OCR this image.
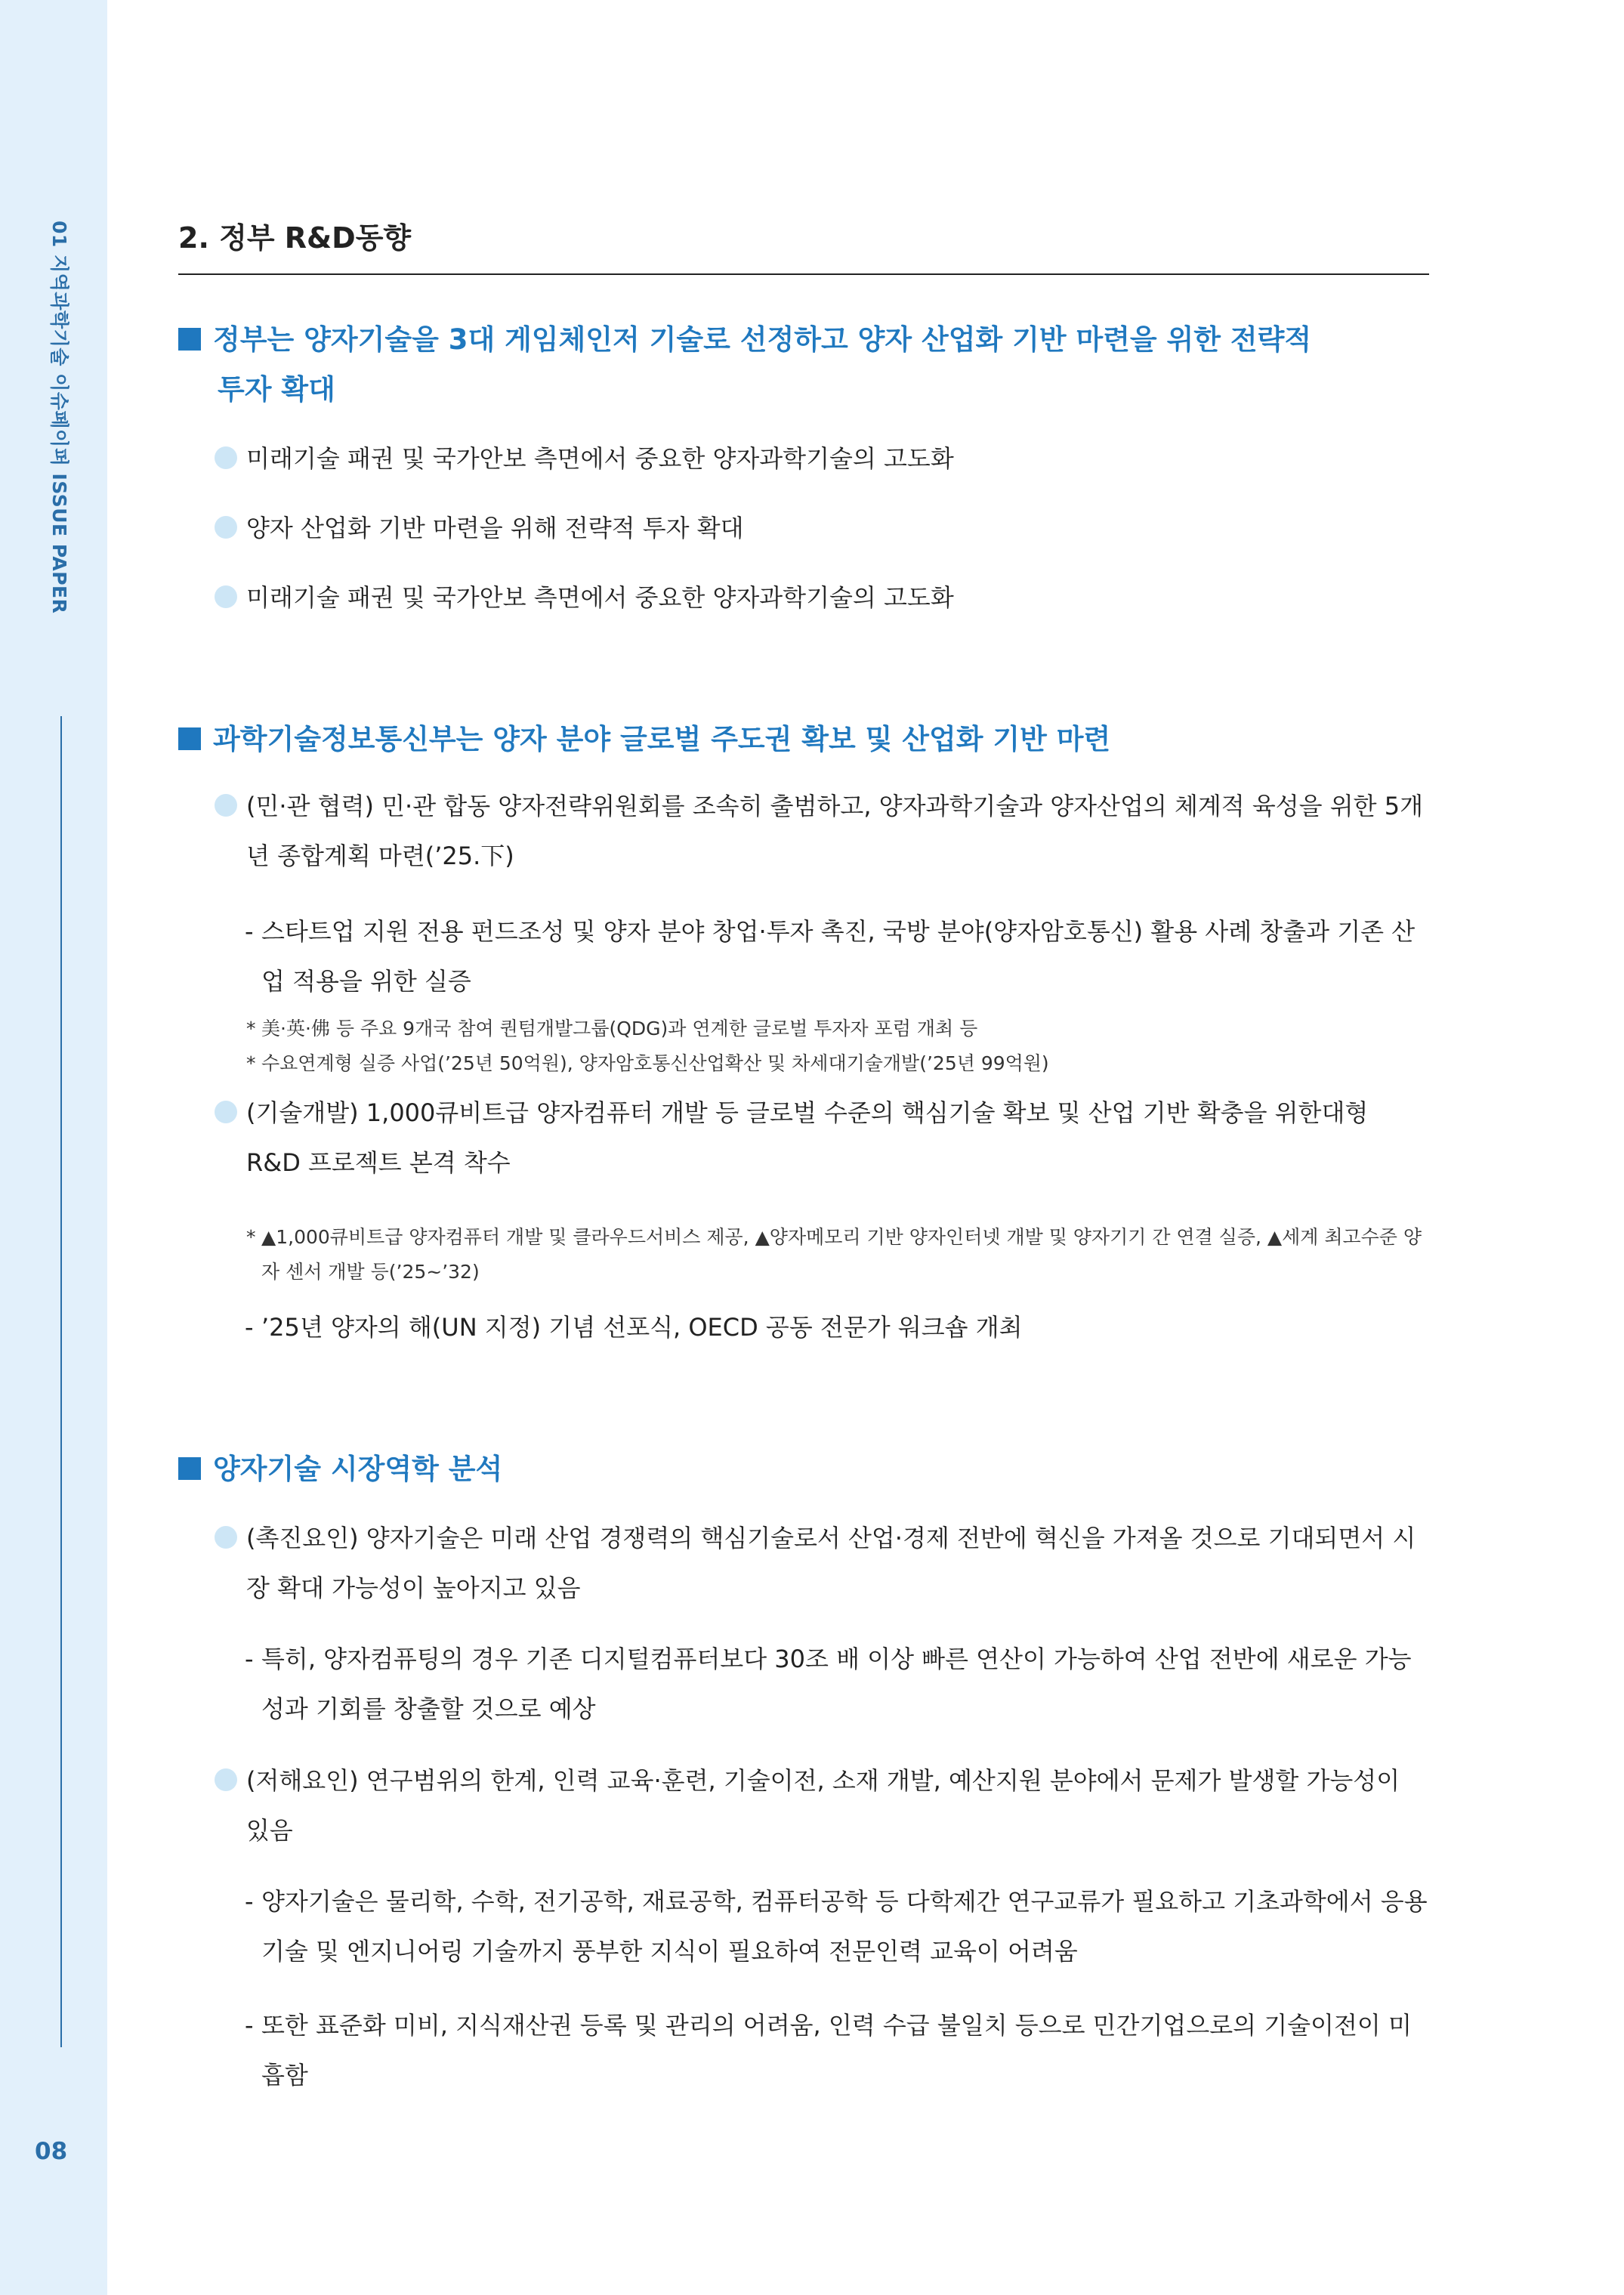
01 지역과학기술 이슈페이퍼 ISSUE PAPER
08
2. 정부 R&D동향
정부는 양자기술을 3대 게임체인저 기술로 선정하고 양자 산업화 기반 마련을 위한 전략적
투자 확대
미래기술 패권 및 국가안보 측면에서 중요한 양자과학기술의 고도화
양자 산업화 기반 마련을 위해 전략적 투자 확대
미래기술 패권 및 국가안보 측면에서 중요한 양자과학기술의 고도화
과학기술정보통신부는 양자 분야 글로벌 주도권 확보 및 산업화 기반 마련
(민·관 협력) 민·관 합동 양자전략위원회를 조속히 출범하고, 양자과학기술과 양자산업의 체계적 육성을 위한 5개년 종합계획 마련(’25.下)
- 스타트업 지원 전용 펀드조성 및 양자 분야 창업·투자 촉진, 국방 분야(양자암호통신) 활용 사례 창출과 기존 산업 적용을 위한 실증
* 美·英·佛 등 주요 9개국 참여 퀀텀개발그룹(QDG)과 연계한 글로벌 투자자 포럼 개최 등
* 수요연계형 실증 사업(’25년 50억원), 양자암호통신산업확산 및 차세대기술개발(’25년 99억원)
(기술개발) 1,000큐비트급 양자컴퓨터 개발 등 글로벌 수준의 핵심기술 확보 및 산업 기반 확충을 위한대형 R&D 프로젝트 본격 착수
* ▲1,000큐비트급 양자컴퓨터 개발 및 클라우드서비스 제공, ▲양자메모리 기반 양자인터넷 개발 및 양자기기 간 연결 실증, ▲세계 최고수준 양자 센서 개발 등(’25~’32)
- ’25년 양자의 해(UN 지정) 기념 선포식, OECD 공동 전문가 워크숍 개최
양자기술 시장역학 분석
(촉진요인) 양자기술은 미래 산업 경쟁력의 핵심기술로서 산업·경제 전반에 혁신을 가져올 것으로 기대되면서 시장 확대 가능성이 높아지고 있음
- 특히, 양자컴퓨팅의 경우 기존 디지털컴퓨터보다 30조 배 이상 빠른 연산이 가능하여 산업 전반에 새로운 가능성과 기회를 창출할 것으로 예상
(저해요인) 연구범위의 한계, 인력 교육·훈련, 기술이전, 소재 개발, 예산지원 분야에서 문제가 발생할 가능성이 있음
- 양자기술은 물리학, 수학, 전기공학, 재료공학, 컴퓨터공학 등 다학제간 연구교류가 필요하고 기초과학에서 응용기술 및 엔지니어링 기술까지 풍부한 지식이 필요하여 전문인력 교육이 어려움
- 또한 표준화 미비, 지식재산권 등록 및 관리의 어려움, 인력 수급 불일치 등으로 민간기업으로의 기술이전이 미흡함
